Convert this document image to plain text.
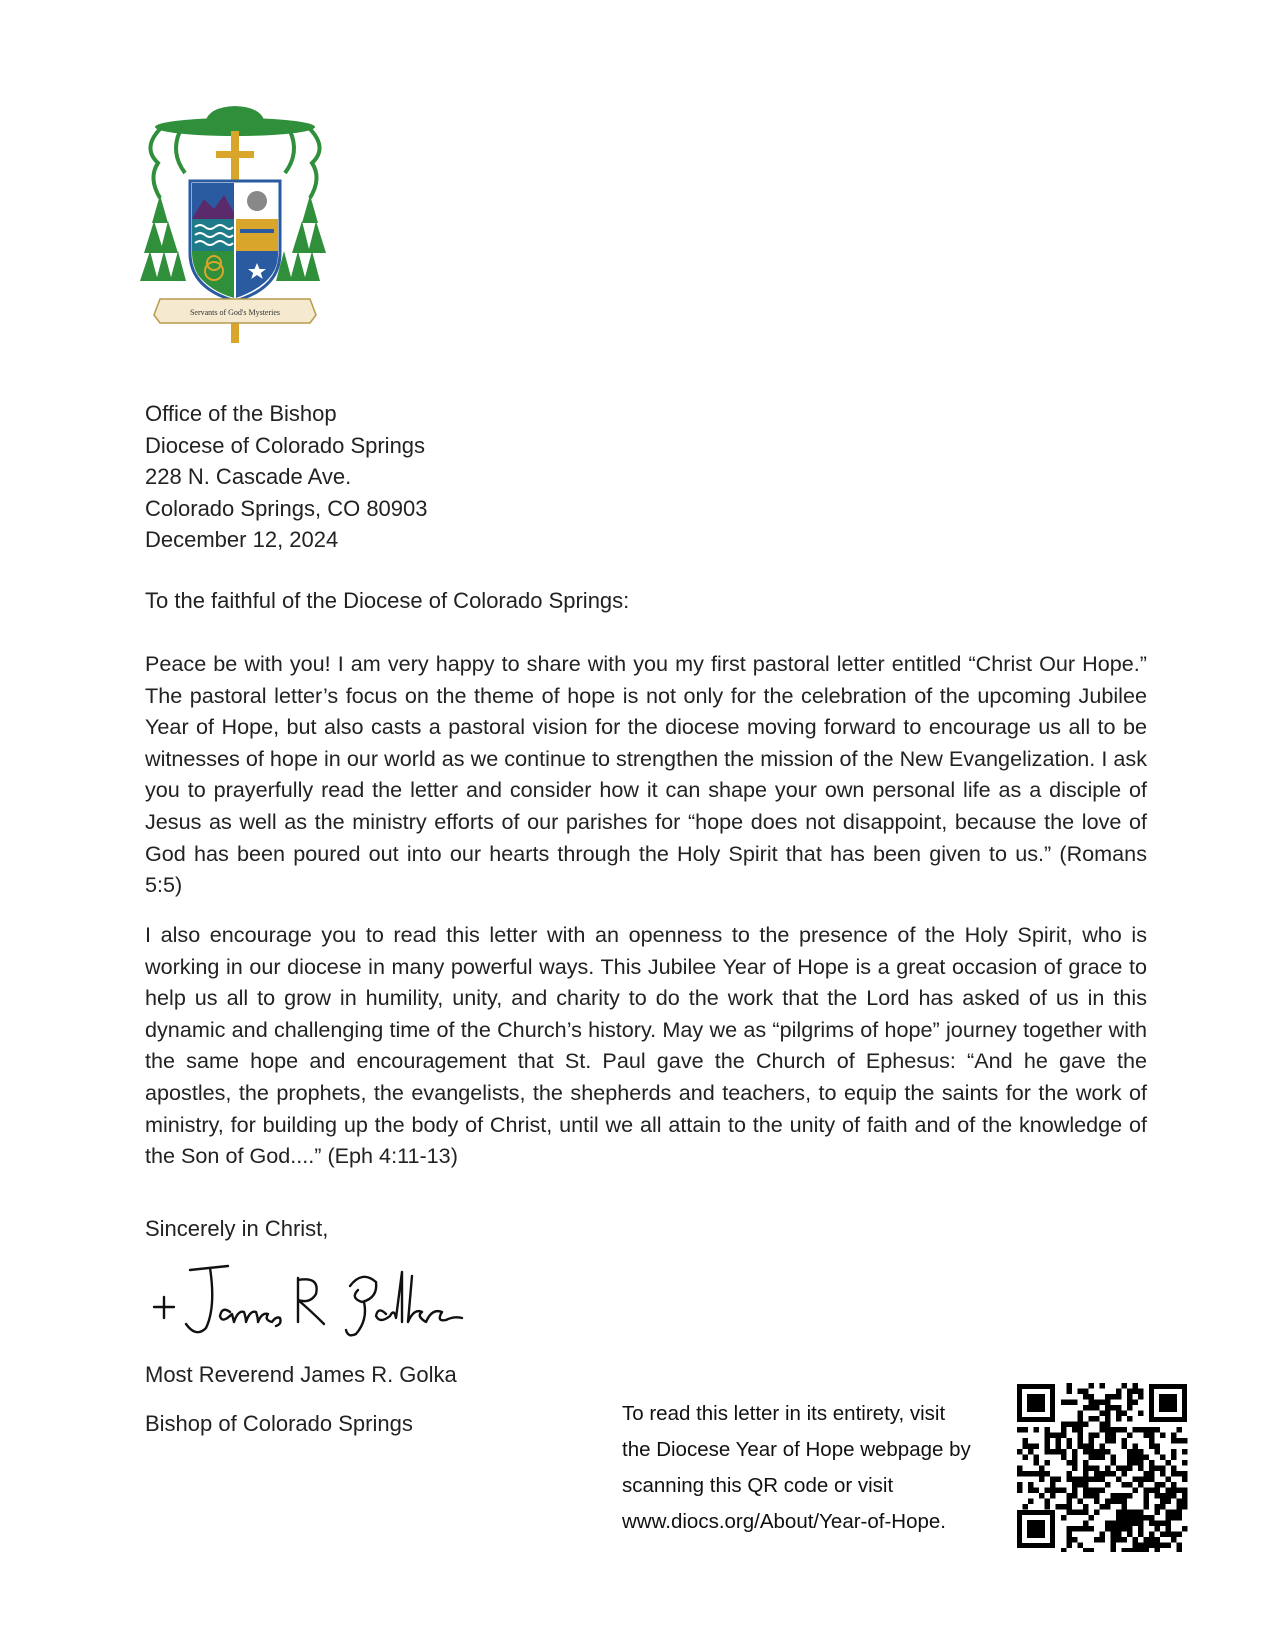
Servants of God's Mysteries
Office of the Bishop
Diocese of Colorado Springs
228 N. Cascade Ave.
Colorado Springs, CO 80903
December 12, 2024
To the faithful of the Diocese of Colorado Springs:

Peace be with you! I am very happy to share with you my first pastoral letter entitled “Christ Our Hope.” The pastoral letter’s focus on the theme of hope is not only for the celebration of the upcoming Jubilee Year of Hope, but also casts a pastoral vision for the diocese moving forward to encourage us all to be witnesses of hope in our world as we continue to strengthen the mission of the New Evangelization. I ask you to prayerfully read the letter and consider how it can shape your own personal life as a disciple of Jesus as well as the ministry efforts of our parishes for “hope does not disappoint, because the love of God has been poured out into our hearts through the Holy Spirit that has been given to us.” (Romans 5:5)

I also encourage you to read this letter with an openness to the presence of the Holy Spirit, who is working in our diocese in many powerful ways. This Jubilee Year of Hope is a great occasion of grace to help us all to grow in humility, unity, and charity to do the work that the Lord has asked of us in this dynamic and challenging time of the Church’s history. May we as “pilgrims of hope” journey together with the same hope and encouragement that St. Paul gave the Church of Ephesus: “And he gave the apostles, the prophets, the evangelists, the shepherds and teachers, to equip the saints for the work of ministry, for building up the body of Christ, until we all attain to the unity of faith and of the knowledge of the Son of God....” (Eph 4:11-13)

Sincerely in Christ,
Most Reverend James R. Golka
Bishop of Colorado Springs	To read this letter in its entirety, visit
the Diocese Year of Hope webpage by
scanning this QR code or visit
www.diocs.org/About/Year-of-Hope.
